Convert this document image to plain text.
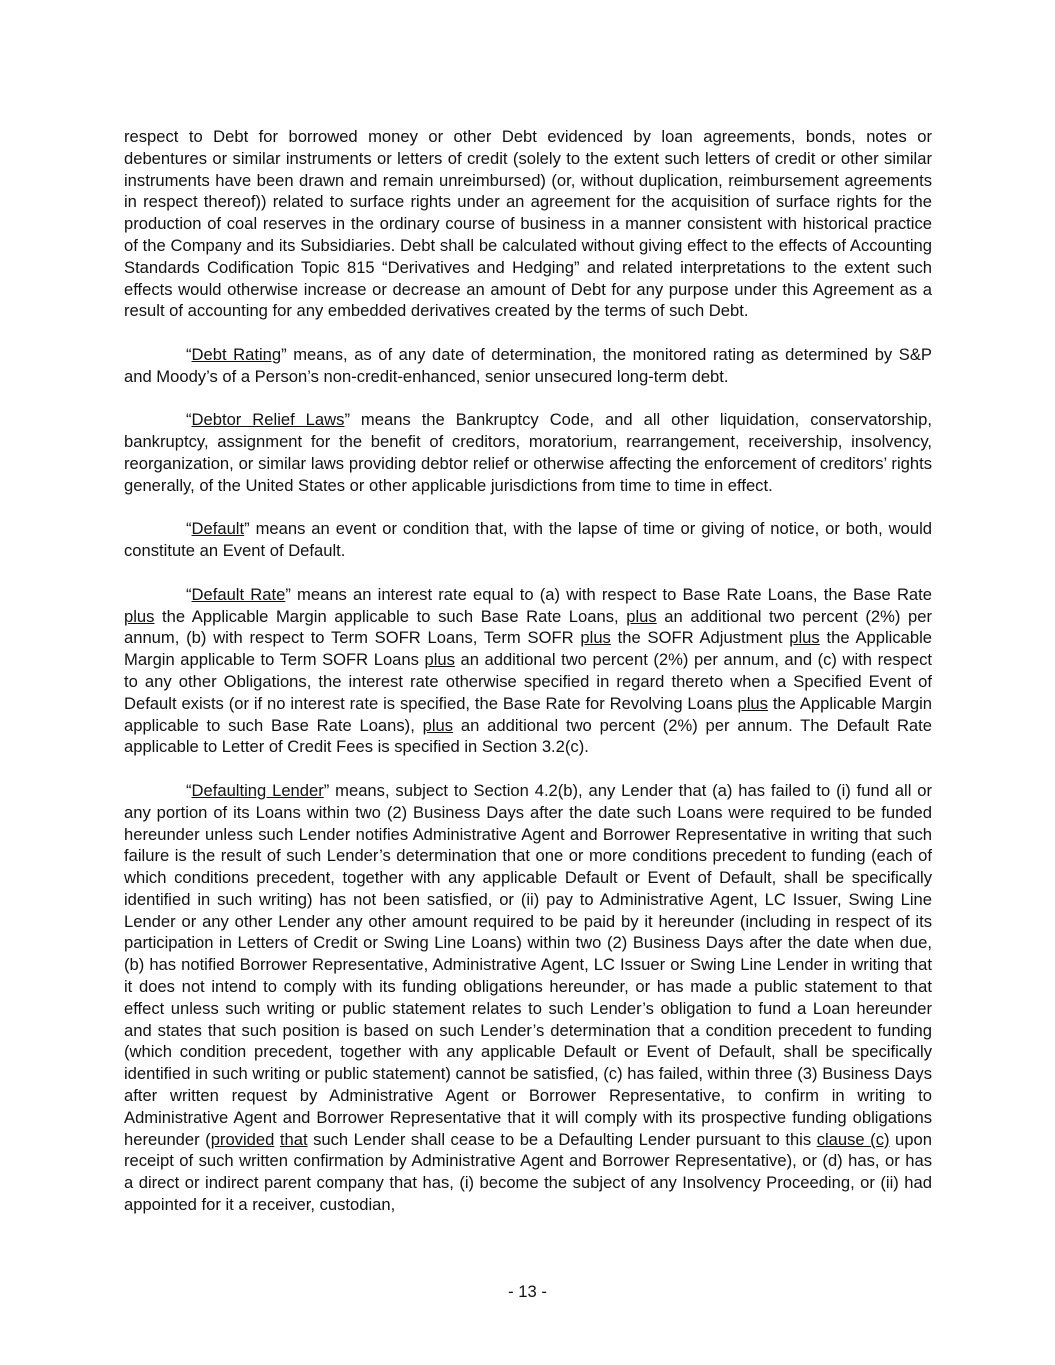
respect to Debt for borrowed money or other Debt evidenced by loan agreements, bonds, notes or debentures or similar instruments or letters of credit (solely to the extent such letters of credit or other similar instruments have been drawn and remain unreimbursed) (or, without duplication, reimbursement agreements in respect thereof)) related to surface rights under an agreement for the acquisition of surface rights for the production of coal reserves in the ordinary course of business in a manner consistent with historical practice of the Company and its Subsidiaries. Debt shall be calculated without giving effect to the effects of Accounting Standards Codification Topic 815 “Derivatives and Hedging” and related interpretations to the extent such effects would otherwise increase or decrease an amount of Debt for any purpose under this Agreement as a result of accounting for any embedded derivatives created by the terms of such Debt.

“Debt Rating” means, as of any date of determination, the monitored rating as determined by S&P and Moody’s of a Person’s non-credit-enhanced, senior unsecured long-term debt.

“Debtor Relief Laws” means the Bankruptcy Code, and all other liquidation, conservatorship, bankruptcy, assignment for the benefit of creditors, moratorium, rearrangement, receivership, insolvency, reorganization, or similar laws providing debtor relief or otherwise affecting the enforcement of creditors’ rights generally, of the United States or other applicable jurisdictions from time to time in effect.

“Default” means an event or condition that, with the lapse of time or giving of notice, or both, would constitute an Event of Default.

“Default Rate” means an interest rate equal to (a) with respect to Base Rate Loans, the Base Rate plus the Applicable Margin applicable to such Base Rate Loans, plus an additional two percent (2%) per annum, (b) with respect to Term SOFR Loans, Term SOFR plus the SOFR Adjustment plus the Applicable Margin applicable to Term SOFR Loans plus an additional two percent (2%) per annum, and (c) with respect to any other Obligations, the interest rate otherwise specified in regard thereto when a Specified Event of Default exists (or if no interest rate is specified, the Base Rate for Revolving Loans plus the Applicable Margin applicable to such Base Rate Loans), plus an additional two percent (2%) per annum. The Default Rate applicable to Letter of Credit Fees is specified in Section 3.2(c).

“Defaulting Lender” means, subject to Section 4.2(b), any Lender that (a) has failed to (i) fund all or any portion of its Loans within two (2) Business Days after the date such Loans were required to be funded hereunder unless such Lender notifies Administrative Agent and Borrower Representative in writing that such failure is the result of such Lender’s determination that one or more conditions precedent to funding (each of which conditions precedent, together with any applicable Default or Event of Default, shall be specifically identified in such writing) has not been satisfied, or (ii) pay to Administrative Agent, LC Issuer, Swing Line Lender or any other Lender any other amount required to be paid by it hereunder (including in respect of its participation in Letters of Credit or Swing Line Loans) within two (2) Business Days after the date when due, (b) has notified Borrower Representative, Administrative Agent, LC Issuer or Swing Line Lender in writing that it does not intend to comply with its funding obligations hereunder, or has made a public statement to that effect unless such writing or public statement relates to such Lender’s obligation to fund a Loan hereunder and states that such position is based on such Lender’s determination that a condition precedent to funding (which condition precedent, together with any applicable Default or Event of Default, shall be specifically identified in such writing or public statement) cannot be satisfied, (c) has failed, within three (3) Business Days after written request by Administrative Agent or Borrower Representative, to confirm in writing to Administrative Agent and Borrower Representative that it will comply with its prospective funding obligations hereunder (provided that such Lender shall cease to be a Defaulting Lender pursuant to this clause (c) upon receipt of such written confirmation by Administrative Agent and Borrower Representative), or (d) has, or has a direct or indirect parent company that has, (i) become the subject of any Insolvency Proceeding, or (ii) had appointed for it a receiver, custodian,

- 13 -
